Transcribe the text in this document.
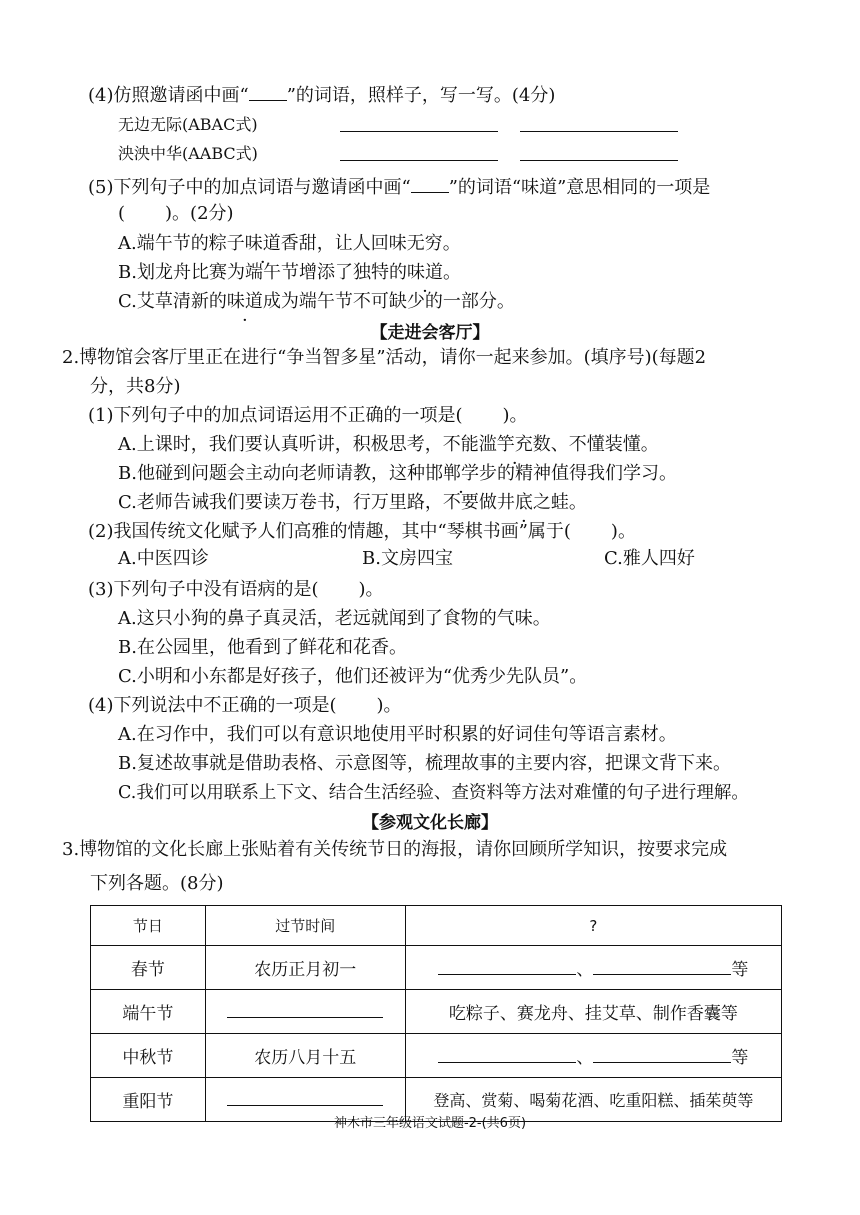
(4)仿照邀请函中画“ ”的词语，照样子，写一写。(4分)
无边无际(ABAC式)
泱泱中华(AABC式)
(5)下列句子中的加点词语与邀请函中画“ ”的词语“味道”意思相同的一项是
( )。(2分)
A.端午节的粽子味道香甜，让人回味无穷。
B.划龙舟比赛为端午节增添了独特的味道。
C.艾草清新的味道成为端午节不可缺少的一部分。
【走进会客厅】
2.博物馆会客厅里正在进行“争当智多星”活动，请你一起来参加。(填序号)(每题2
分，共8分)
(1)下列句子中的加点词语运用不正确的一项是( )。
A.上课时，我们要认真听讲，积极思考，不能滥竽充数、不懂装懂。
B.他碰到问题会主动向老师请教，这种邯郸学步的精神值得我们学习。
C.老师告诫我们要读万卷书，行万里路，不要做井底之蛙 ·。
(2)我国传统文化赋予人们高雅的情趣，其中“琴棋书画”属于( )。
A.中医四诊	B.文房四宝	C.雅人四好
(3)下列句子中没有语病的是( )。
A.这只小狗的鼻子真灵活，老远就闻到了食物的气味。
B.在公园里，他看到了鲜花和花香。
C.小明和小东都是好孩子，他们还被评为“优秀少先队员”。
(4)下列说法中不正确的一项是( )。
A.在习作中，我们可以有意识地使用平时积累的好词佳句等语言素材。
B.复述故事就是借助表格、示意图等，梳理故事的主要内容，把课文背下来。
C.我们可以用联系上下文、结合生活经验、查资料等方法对难懂的句子进行理解。
【参观文化长廊】
3.博物馆的文化长廊上张贴着有关传统节日的海报，请你回顾所学知识，按要求完成
下列各题。(8分)
节日	过节时间	?
春节	农历正月初一	、 等
端午节		吃粽子、赛龙舟、挂艾草、制作香囊等
中秋节	农历八月十五	、 等
重阳节		登高、赏菊、喝菊花酒、吃重阳糕、插茱萸等
神木市三年级语文试题-2-(共6页)
